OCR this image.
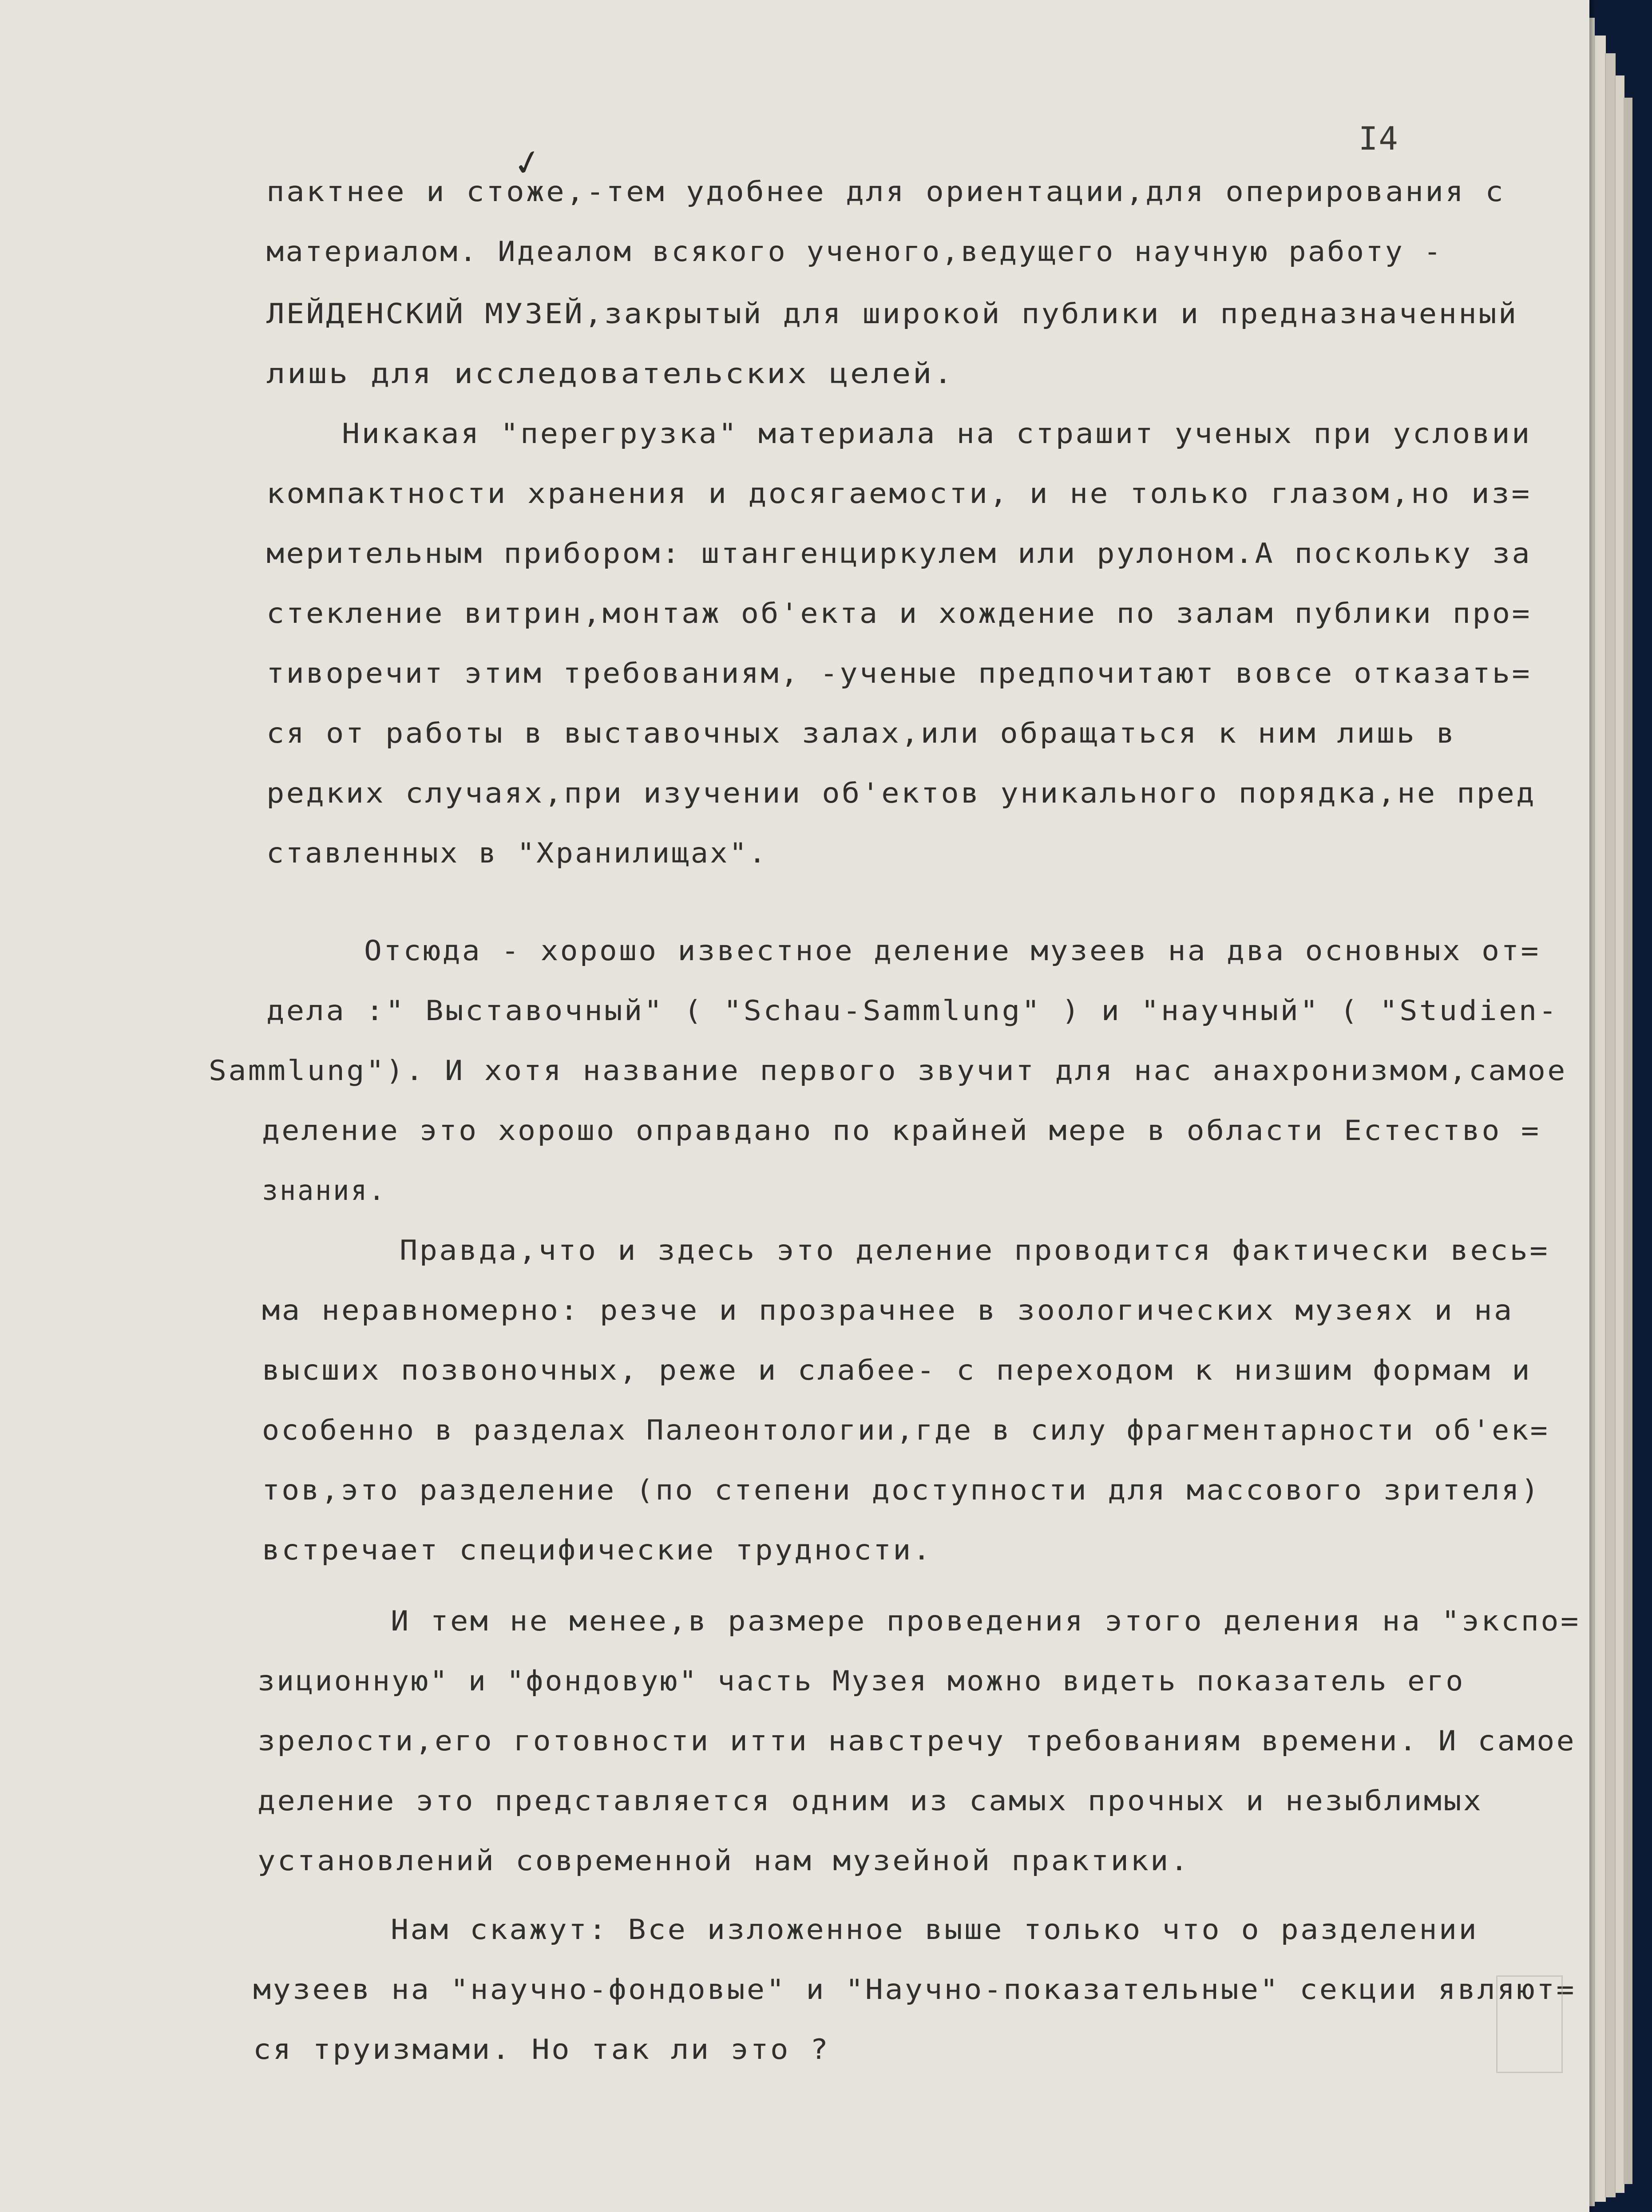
I4
✓
пактнее и стоже,-тем удобнее для ориентации,для оперирования с
материалом. Идеалом всякого ученого,ведущего научную работу -
ЛЕЙДЕНСКИЙ МУЗЕЙ,закрытый для широкой публики и предназначенный
лишь для исследовательских целей.
Никакая "перегрузка" материала на страшит ученых при условии
компактности хранения и досягаемости, и не только глазом,но из=
мерительным прибором: штангенциркулем или рулоном.А поскольку за
стекление витрин,монтаж об'екта и хождение по залам публики про=
тиворечит этим требованиям, -ученые предпочитают вовсе отказать=
ся от работы в выставочных залах,или обращаться к ним лишь в
редких случаях,при изучении об'ектов уникального порядка,не пред
ставленных в "Хранилищах".
Отсюда - хорошо известное деление музеев на два основных от=
дела :" Выставочный" ( "Schau-Sammlung" ) и "научный" ( "Studien-
Sammlung"). И хотя название первого звучит для нас анахронизмом,самое
деление это хорошо оправдано по крайней мере в области Естество =
знания.
Правда,что и здесь это деление проводится фактически весь=
ма неравномерно: резче и прозрачнее в зоологических музеях и на
высших позвоночных, реже и слабее- с переходом к низшим формам и
особенно в разделах Палеонтологии,где в силу фрагментарности об'ек=
тов,это разделение (по степени доступности для массового зрителя)
встречает специфические трудности.
И тем не менее,в размере проведения этого деления на "экспо=
зиционную" и "фондовую" часть Музея можно видеть показатель его
зрелости,его готовности итти навстречу требованиям времени. И самое
деление это представляется одним из самых прочных и незыблимых
установлений современной нам музейной практики.
Нам скажут: Все изложенное выше только что о разделении
музеев на "научно-фондовые" и "Научно-показательные" секции являют=
ся труизмами. Но так ли это ?
